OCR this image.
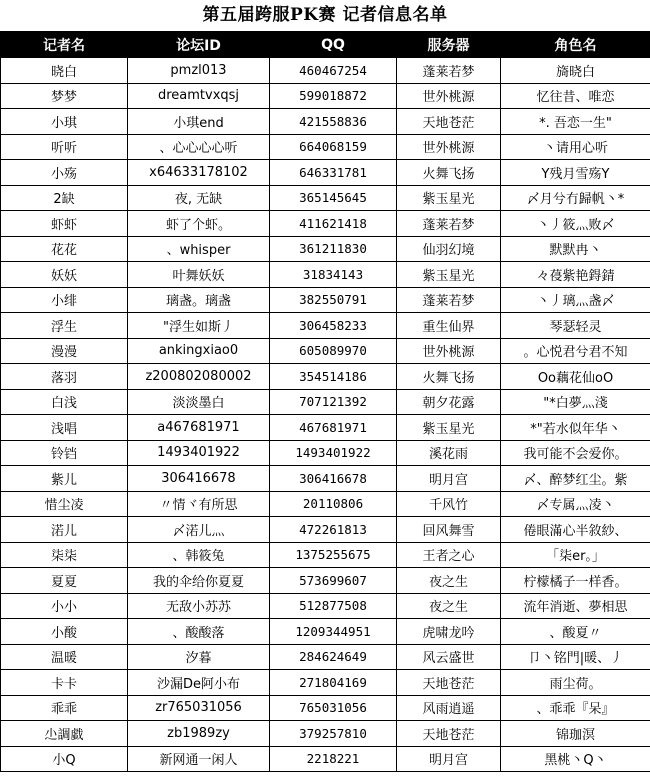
第五届跨服PK赛 记者信息名单
记者名	论坛ID	QQ	服务器	角色名
晓白	pmzl013	460467254	蓬莱若梦	旖晓白
梦梦	dreamtvxqsj	599018872	世外桃源	忆往昔、唯恋
小琪	小琪end	421558836	天地苍茫	*. 吾恋一生"
听听	、心心心心听	664068159	世外桃源	丶请用心听
小殇	x64633178102	646331781	火舞飞扬	Y残月雪殇Y
2缺	夜, 无缺	365145645	紫玉星光	〆月兮冇歸帆丶*
虾虾	虾了个虾。	411621418	蓬莱若梦	丶丿筱灬败〆
花花	、whisper	361211830	仙羽幻境	默默冉丶
妖妖	叶舞妖妖	31834143	紫玉星光	々葠紫艳鍀錆
小绯	璃盏。璃盏	382550791	蓬莱若梦	丶丿璃灬盏〆
浮生	"浮生如斯丿	306458233	重生仙界	琴瑟轻灵
漫漫	ankingxiao0	605089970	世外桃源	。心悦君兮君不知
落羽	z200802080002	354514186	火舞飞扬	Oo藕花仙oO
白浅	淡淡墨白	707121392	朝夕花露	"*白夢灬淺
浅唱	a467681971	467681971	紫玉星光	*"若水似年华丶
铃铛	1493401922	1493401922	溪花雨	我可能不会爱你。
紫儿	306416678	306416678	明月宫	〆、醉梦红尘。紫
惜尘凌	〃情ヾ有所思	20110806	千风竹	〆专属灬凌丶
渃儿	〆渃儿灬	472261813	回风舞雪	倦眼滿心半敘紗、
柒柒	、韩筱兔	1375255675	王者之心	「柒er。」
夏夏	我的伞给你夏夏	573699607	夜之生	柠檬橘子一样香。
小小	无敌小苏苏	512877508	夜之生	流年消逝、夢相思
小酸	、酸酸落	1209344951	虎啸龙吟	、酸夏〃
温暖	汐暮	284624649	风云盛世	卩丶铭門|暖、丿
卡卡	沙漏De阿小布	271804169	天地苍茫	雨尘荷。
乖乖	zr765031056	765031056	风雨逍遥	、乖乖『呆』
尐調戱	zb1989zy	379257810	天地苍茫	锦珈溟
小Q	新网通一闲人	2218221	明月宫	黑桃丶Q丶
